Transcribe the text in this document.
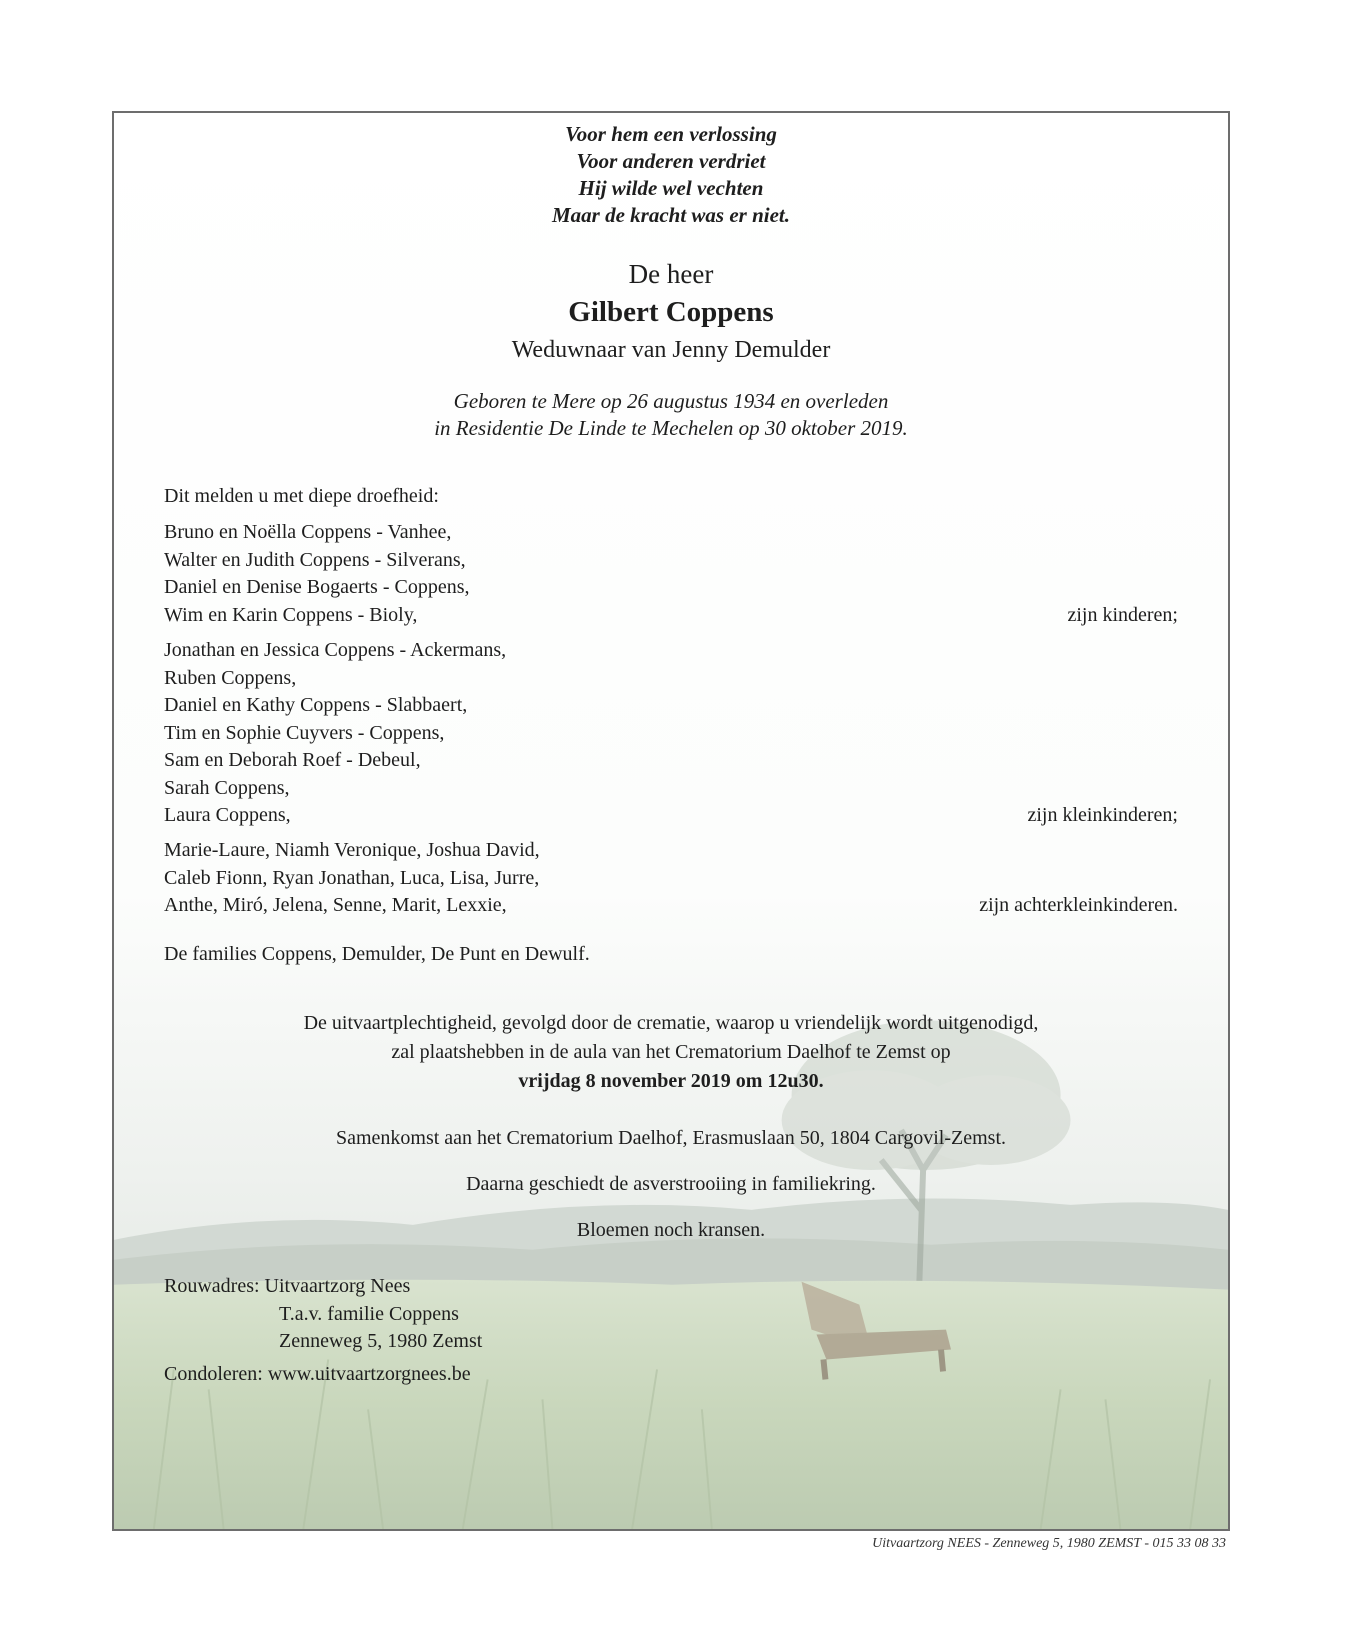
Voor hem een verlossing
Voor anderen verdriet
Hij wilde wel vechten
Maar de kracht was er niet.
De heer
Gilbert Coppens
Weduwnaar van Jenny Demulder
Geboren te Mere op 26 augustus 1934 en overleden
in Residentie De Linde te Mechelen op 30 oktober 2019.
Dit melden u met diepe droefheid:
Bruno en Noëlla Coppens - Vanhee,
Walter en Judith Coppens - Silverans,
Daniel en Denise Bogaerts - Coppens,
Wim en Karin Coppens - Bioly,	zijn kinderen;
Jonathan en Jessica Coppens - Ackermans,
Ruben Coppens,
Daniel en Kathy Coppens - Slabbaert,
Tim en Sophie Cuyvers - Coppens,
Sam en Deborah Roef - Debeul,
Sarah Coppens,
Laura Coppens,	zijn kleinkinderen;
Marie-Laure, Niamh Veronique, Joshua David,
Caleb Fionn, Ryan Jonathan, Luca, Lisa, Jurre,
Anthe, Miró, Jelena, Senne, Marit, Lexxie,	zijn achterkleinkinderen.
De families Coppens, Demulder, De Punt en Dewulf.
De uitvaartplechtigheid, gevolgd door de crematie, waarop u vriendelijk wordt uitgenodigd,
zal plaatshebben in de aula van het Crematorium Daelhof te Zemst op
vrijdag 8 november 2019 om 12u30.
Samenkomst aan het Crematorium Daelhof, Erasmuslaan 50, 1804 Cargovil-Zemst.
Daarna geschiedt de asverstrooiing in familiekring.
Bloemen noch kransen.
Rouwadres: Uitvaartzorg Nees
T.a.v. familie Coppens
Zenneweg 5, 1980 Zemst
Condoleren: www.uitvaartzorgnees.be
Uitvaartzorg NEES - Zenneweg 5, 1980 ZEMST - 015 33 08 33
